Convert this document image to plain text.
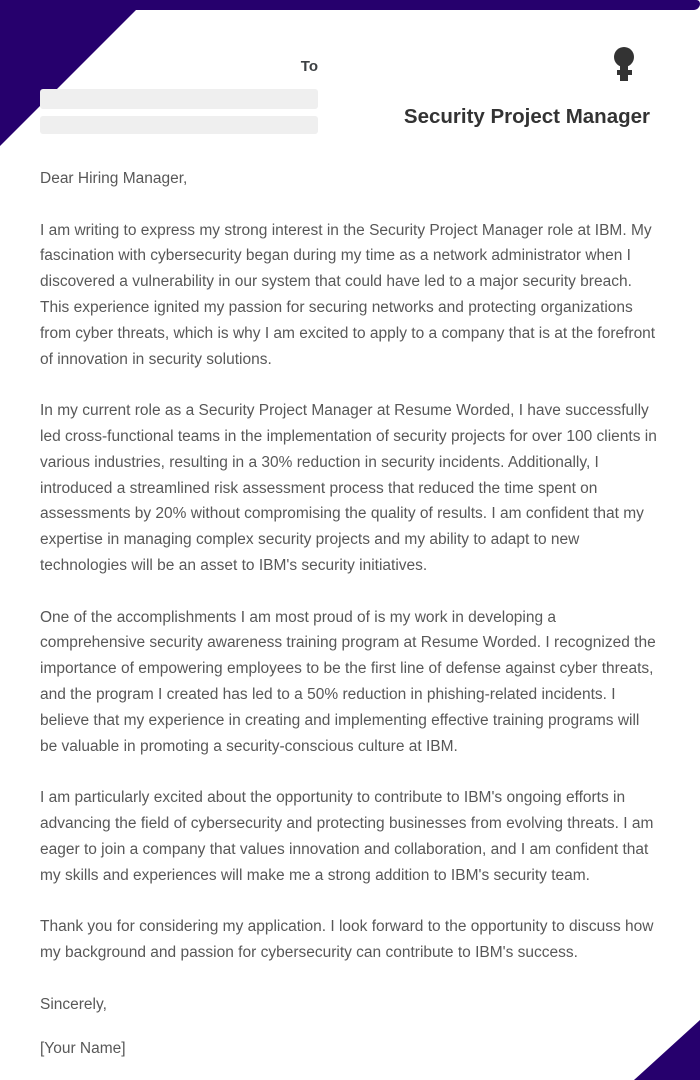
To
Security Project Manager

Dear Hiring Manager,

I am writing to express my strong interest in the Security Project Manager role at IBM. My fascination with cybersecurity began during my time as a network administrator when I discovered a vulnerability in our system that could have led to a major security breach. This experience ignited my passion for securing networks and protecting organizations from cyber threats, which is why I am excited to apply to a company that is at the forefront of innovation in security solutions.

In my current role as a Security Project Manager at Resume Worded, I have successfully led cross-functional teams in the implementation of security projects for over 100 clients in various industries, resulting in a 30% reduction in security incidents. Additionally, I introduced a streamlined risk assessment process that reduced the time spent on assessments by 20% without compromising the quality of results. I am confident that my expertise in managing complex security projects and my ability to adapt to new technologies will be an asset to IBM's security initiatives.

One of the accomplishments I am most proud of is my work in developing a comprehensive security awareness training program at Resume Worded. I recognized the importance of empowering employees to be the first line of defense against cyber threats, and the program I created has led to a 50% reduction in phishing-related incidents. I believe that my experience in creating and implementing effective training programs will be valuable in promoting a security-conscious culture at IBM.

I am particularly excited about the opportunity to contribute to IBM's ongoing efforts in advancing the field of cybersecurity and protecting businesses from evolving threats. I am eager to join a company that values innovation and collaboration, and I am confident that my skills and experiences will make me a strong addition to IBM's security team.

Thank you for considering my application. I look forward to the opportunity to discuss how my background and passion for cybersecurity can contribute to IBM's success.

Sincerely,

[Your Name]
